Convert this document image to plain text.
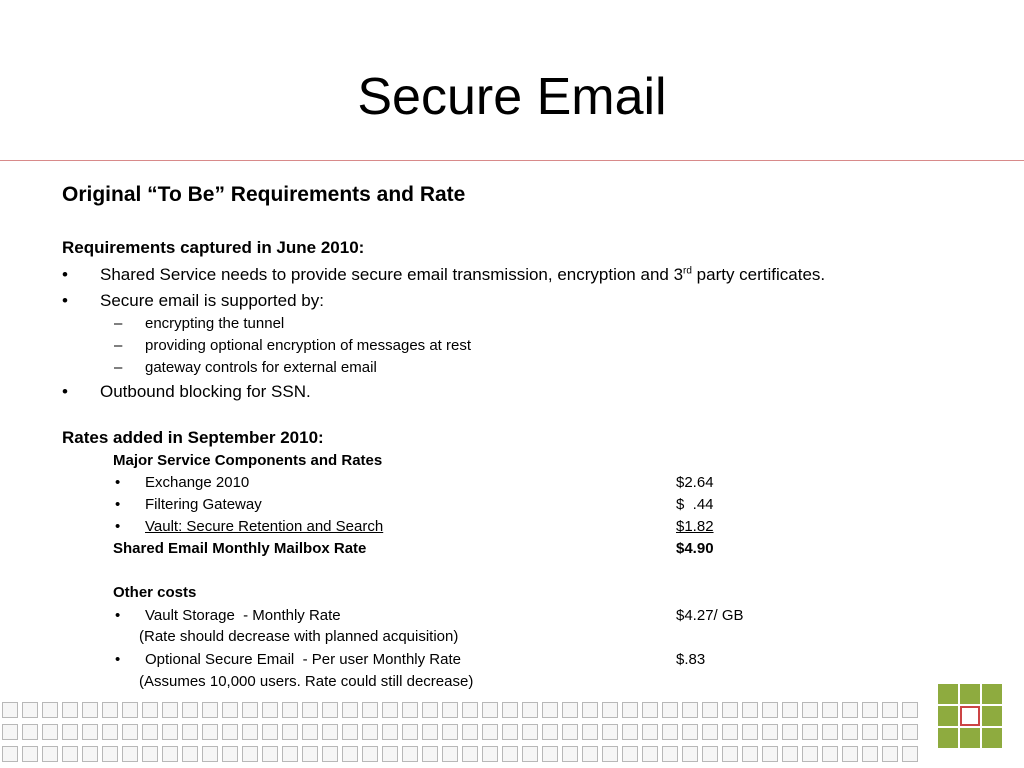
Secure Email
Original “To Be” Requirements and Rate
Requirements captured in June 2010:
• Shared Service needs to provide secure email transmission, encryption and 3rd party certificates.
• Secure email is supported by:
– encrypting the tunnel
– providing optional encryption of messages at rest
– gateway controls for external email
• Outbound blocking for SSN.
Rates added in September 2010:
Major Service Components and Rates
• Exchange 2010	$2.64
• Filtering Gateway	$  .44
• Vault: Secure Retention and Search	$1.82
Shared Email Monthly Mailbox Rate	$4.90
Other costs
• Vault Storage  - Monthly Rate	$4.27/ GB
(Rate should decrease with planned acquisition)
• Optional Secure Email  - Per user Monthly Rate	$.83
(Assumes 10,000 users. Rate could still decrease)
